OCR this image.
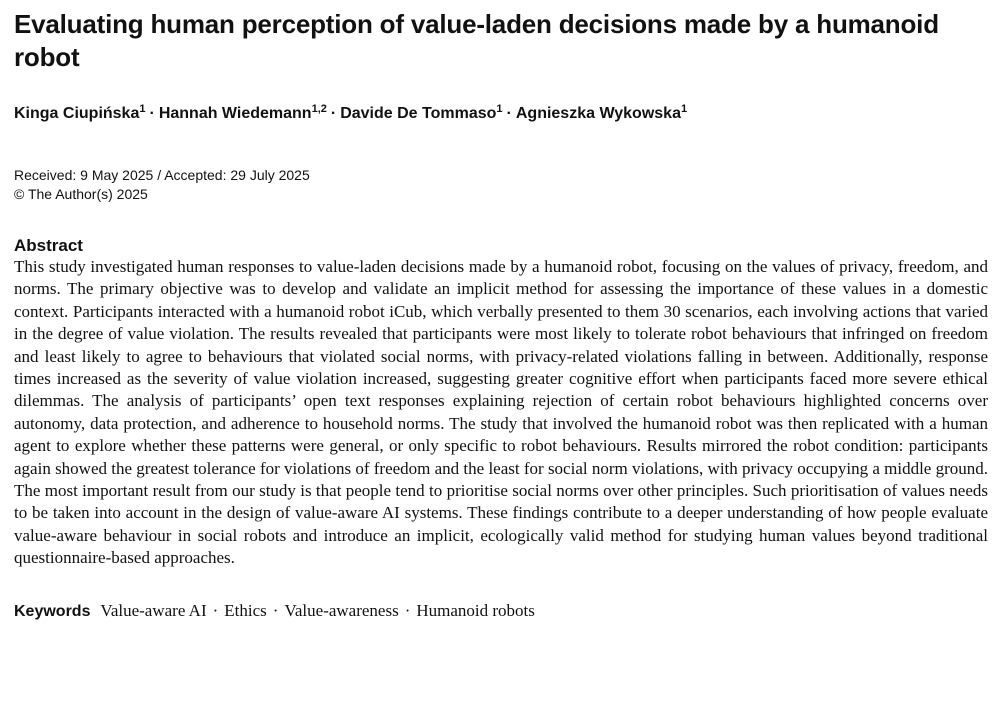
Evaluating human perception of value-laden decisions made by a humanoid robot
Kinga Ciupińska$^1$ · Hannah Wiedemann$^{1,2}$ · Davide De Tommaso$^1$ · Agnieszka Wykowska$^1$
Received: 9 May 2025 / Accepted: 29 July 2025
© The Author(s) 2025
Abstract

This study investigated human responses to value-laden decisions made by a humanoid robot, focusing on the values of privacy, freedom, and norms. The primary objective was to develop and validate an implicit method for assessing the importance of these values in a domestic context. Participants interacted with a humanoid robot iCub, which verbally presented to them 30 scenarios, each involving actions that varied in the degree of value violation. The results revealed that participants were most likely to tolerate robot behaviours that infringed on freedom and least likely to agree to behaviours that violated social norms, with privacy-related violations falling in between. Additionally, response times increased as the severity of value violation increased, suggesting greater cognitive effort when participants faced more severe ethical dilemmas. The analysis of participants’ open text responses explaining rejection of certain robot behaviours highlighted concerns over autonomy, data protection, and adherence to household norms. The study that involved the humanoid robot was then replicated with a human agent to explore whether these patterns were general, or only specific to robot behaviours. Results mirrored the robot condition: participants again showed the greatest tolerance for violations of freedom and the least for social norm violations, with privacy occupying a middle ground. The most important result from our study is that people tend to prioritise social norms over other principles. Such prioritisation of values needs to be taken into account in the design of value-aware AI systems. These findings contribute to a deeper understanding of how people evaluate value-aware behaviour in social robots and introduce an implicit, ecologically valid method for studying human values beyond traditional questionnaire-based approaches.

Keywords Value-aware AI · Ethics · Value-awareness · Humanoid robots
